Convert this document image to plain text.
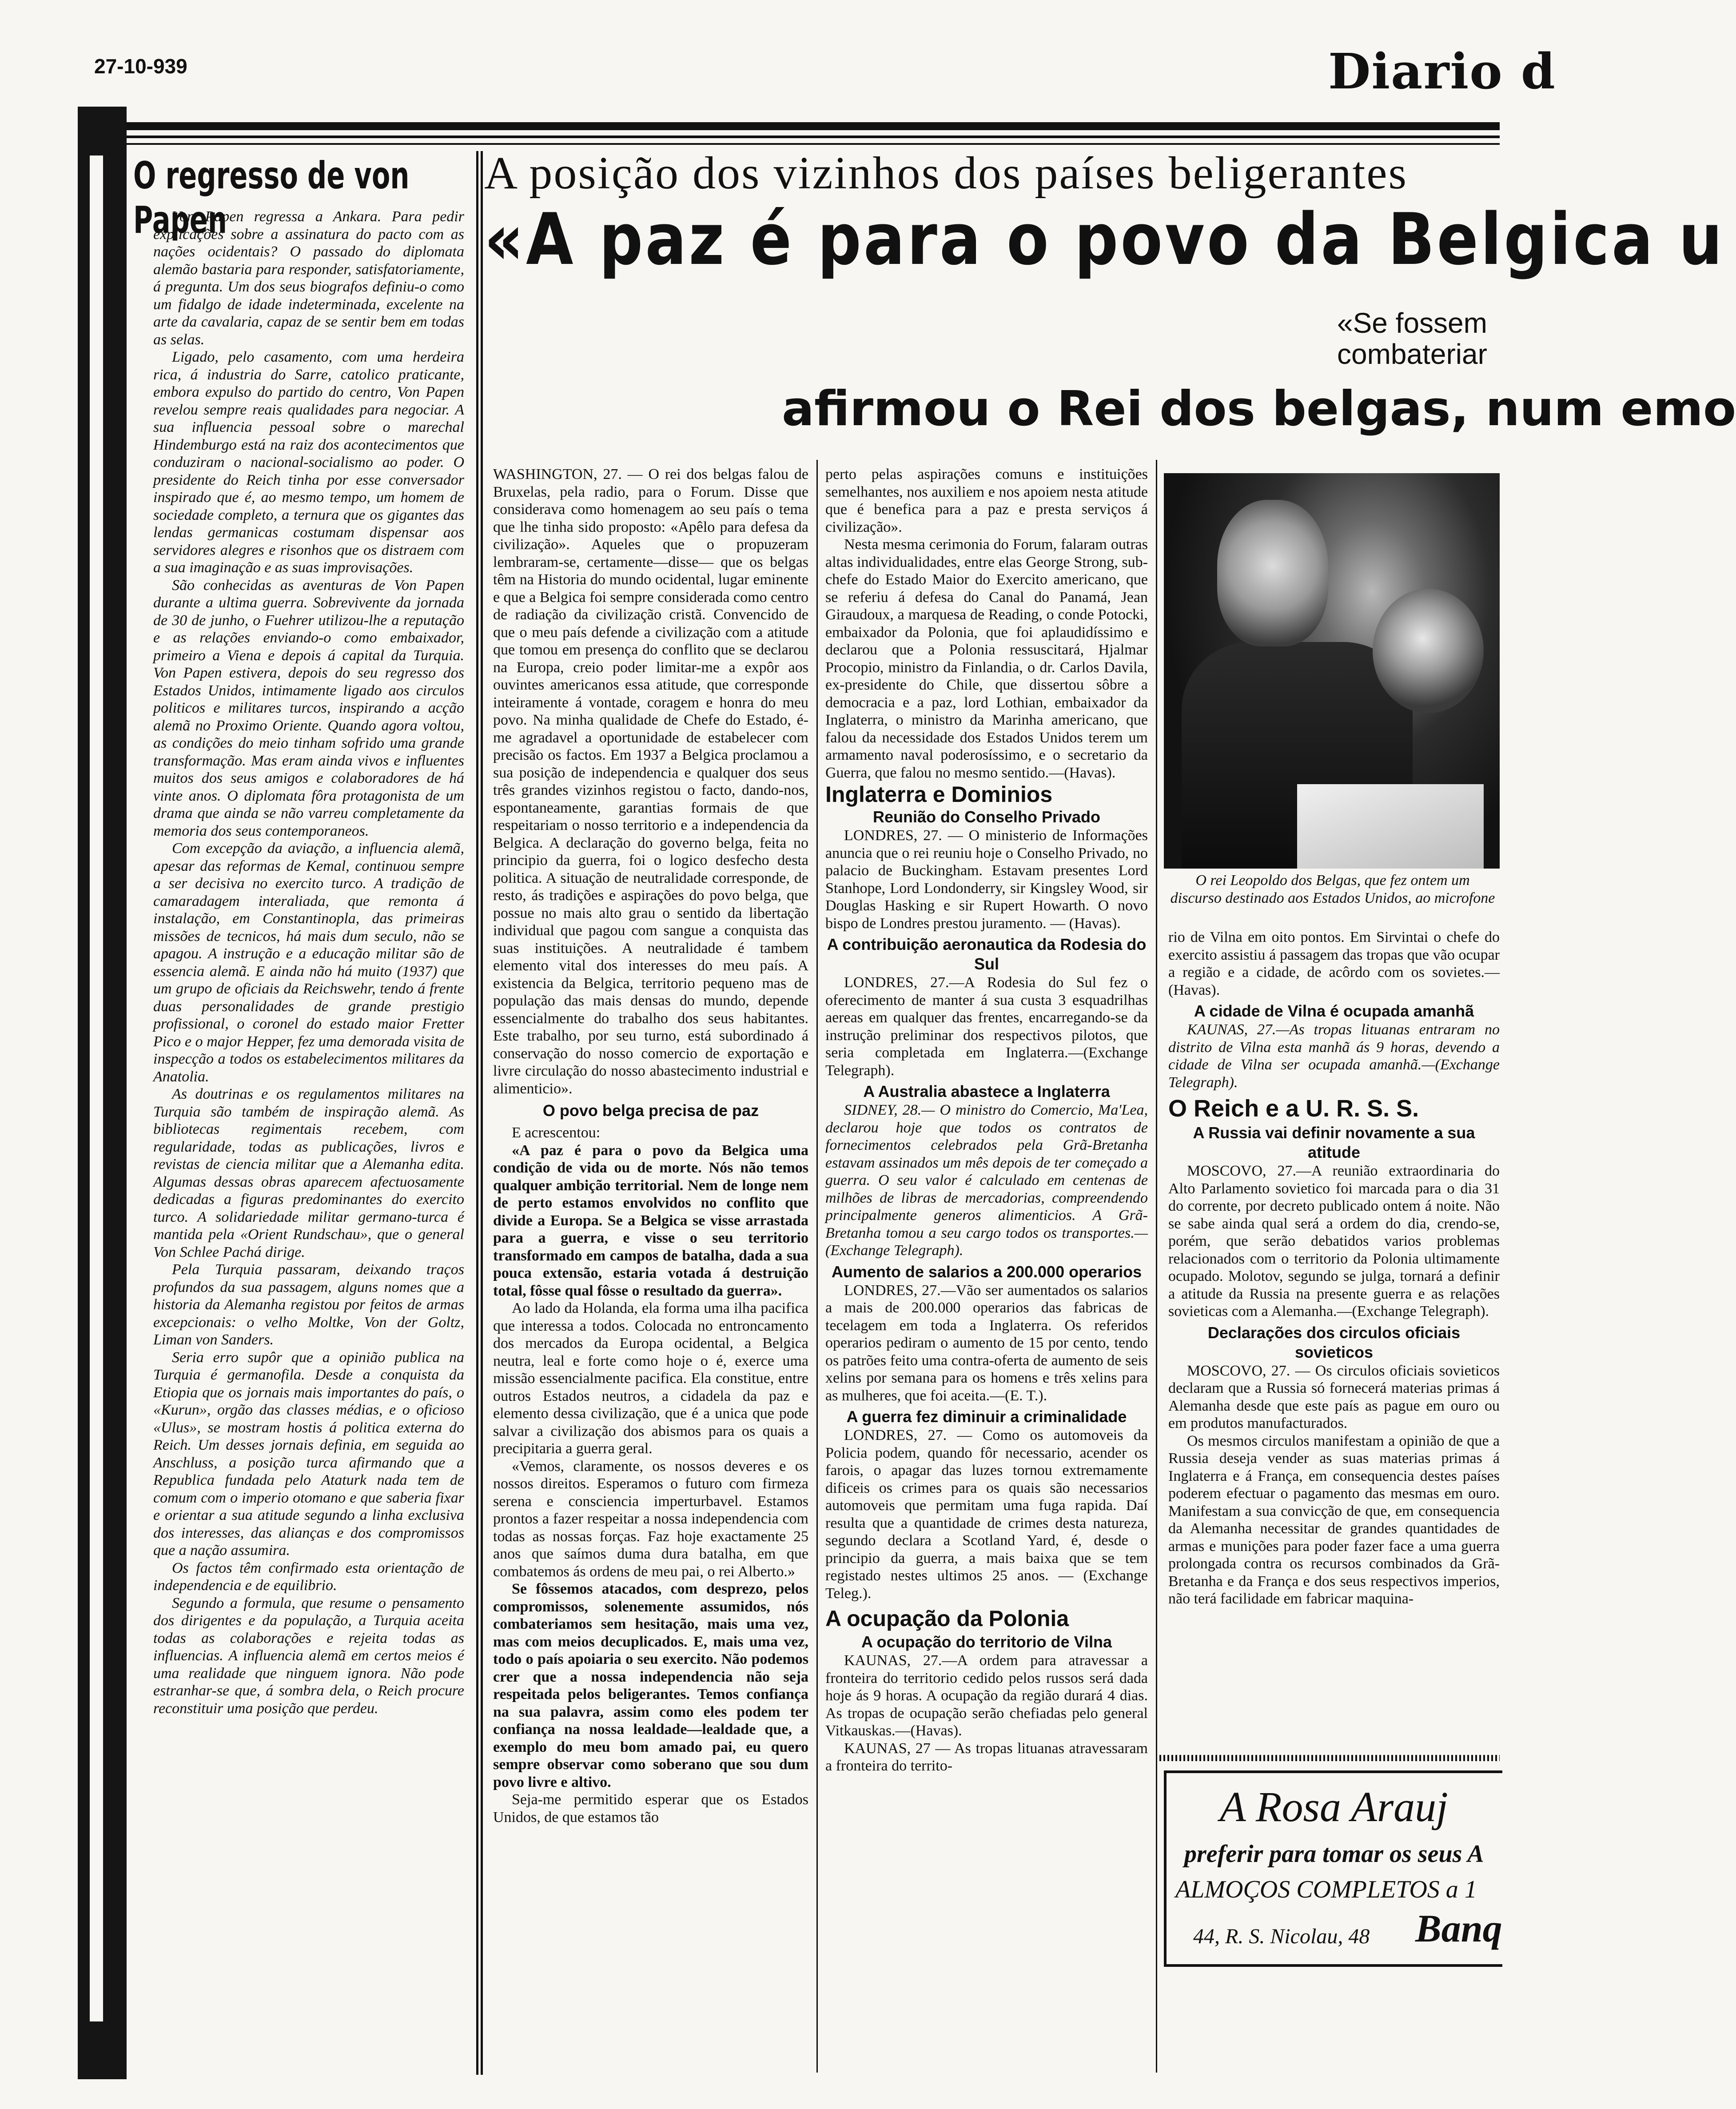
27-10-939	Diario d
O regresso de von Papen

Von Papen regressa a Ankara. Para pedir explicações sobre a assinatura do pacto com as nações ocidentais? O passado do diplomata alemão bastaria para responder, satisfatoriamente, á pregunta. Um dos seus biografos definiu-o como um fidalgo de idade indeterminada, excelente na arte da cavalaria, capaz de se sentir bem em todas as selas.

Ligado, pelo casamento, com uma herdeira rica, á industria do Sarre, catolico praticante, embora expulso do partido do centro, Von Papen revelou sempre reais qualidades para negociar. A sua influencia pessoal sobre o marechal Hindemburgo está na raiz dos acontecimentos que conduziram o nacional-socialismo ao poder. O presidente do Reich tinha por esse conversador inspirado que é, ao mesmo tempo, um homem de sociedade completo, a ternura que os gigantes das lendas germanicas costumam dispensar aos servidores alegres e risonhos que os distraem com a sua imaginação e as suas improvisações.

São conhecidas as aventuras de Von Papen durante a ultima guerra. Sobrevivente da jornada de 30 de junho, o Fuehrer utilizou-lhe a reputação e as relações enviando-o como embaixador, primeiro a Viena e depois á capital da Turquia. Von Papen estivera, depois do seu regresso dos Estados Unidos, intimamente ligado aos circulos politicos e militares turcos, inspirando a acção alemã no Proximo Oriente. Quando agora voltou, as condições do meio tinham sofrido uma grande transformação. Mas eram ainda vivos e influentes muitos dos seus amigos e colaboradores de há vinte anos. O diplomata fôra protagonista de um drama que ainda se não varreu completamente da memoria dos seus contemporaneos.

Com excepção da aviação, a influencia alemã, apesar das reformas de Kemal, continuou sempre a ser decisiva no exercito turco. A tradição de camaradagem interaliada, que remonta á instalação, em Constantinopla, das primeiras missões de tecnicos, há mais dum seculo, não se apagou. A instrução e a educação militar são de essencia alemã. E ainda não há muito (1937) que um grupo de oficiais da Reichswehr, tendo á frente duas personalidades de grande prestigio profissional, o coronel do estado maior Fretter Pico e o major Hepper, fez uma demorada visita de inspecção a todos os estabelecimentos militares da Anatolia.

As doutrinas e os regulamentos militares na Turquia são também de inspiração alemã. As bibliotecas regimentais recebem, com regularidade, todas as publicações, livros e revistas de ciencia militar que a Alemanha edita. Algumas dessas obras aparecem afectuosamente dedicadas a figuras predominantes do exercito turco. A solidariedade militar germano-turca é mantida pela «Orient Rundschau», que o general Von Schlee Pachá dirige.

Pela Turquia passaram, deixando traços profundos da sua passagem, alguns nomes que a historia da Alemanha registou por feitos de armas excepcionais: o velho Moltke, Von der Goltz, Liman von Sanders.

Seria erro supôr que a opinião publica na Turquia é germanofila. Desde a conquista da Etiopia que os jornais mais importantes do país, o «Kurun», orgão das classes médias, e o oficioso «Ulus», se mostram hostis á politica externa do Reich. Um desses jornais definia, em seguida ao Anschluss, a posição turca afirmando que a Republica fundada pelo Ataturk nada tem de comum com o imperio otomano e que saberia fixar e orientar a sua atitude segundo a linha exclusiva dos interesses, das alianças e dos compromissos que a nação assumira.

Os factos têm confirmado esta orientação de independencia e de equilibrio.

Segundo a formula, que resume o pensamento dos dirigentes e da população, a Turquia aceita todas as colaborações e rejeita todas as influencias. A influencia alemã em certos meios é uma realidade que ninguem ignora. Não pode estranhar-se que, á sombra dela, o Reich procure reconstituir uma posição que perdeu.

A posição dos vizinhos dos países beligerantes
«A paz é para o povo da Belgica u
«Se fossem
combateriar
afirmou o Rei dos belgas, num emo

WASHINGTON, 27. — O rei dos belgas falou de Bruxelas, pela radio, para o Forum. Disse que considerava como homenagem ao seu país o tema que lhe tinha sido proposto: «Apêlo para defesa da civilização». Aqueles que o propuzeram lembraram-se, certamente—disse— que os belgas têm na Historia do mundo ocidental, lugar eminente e que a Belgica foi sempre considerada como centro de radiação da civilização cristã. Convencido de que o meu país defende a civilização com a atitude que tomou em presença do conflito que se declarou na Europa, creio poder limitar-me a expôr aos ouvintes americanos essa atitude, que corresponde inteiramente á vontade, coragem e honra do meu povo. Na minha qualidade de Chefe do Estado, é-me agradavel a oportunidade de estabelecer com precisão os factos. Em 1937 a Belgica proclamou a sua posição de independencia e qualquer dos seus três grandes vizinhos registou o facto, dando-nos, espontaneamente, garantias formais de que respeitariam o nosso territorio e a independencia da Belgica. A declaração do governo belga, feita no principio da guerra, foi o logico desfecho desta politica. A situação de neutralidade corresponde, de resto, ás tradições e aspirações do povo belga, que possue no mais alto grau o sentido da libertação individual que pagou com sangue a conquista das suas instituições. A neutralidade é tambem elemento vital dos interesses do meu país. A existencia da Belgica, territorio pequeno mas de população das mais densas do mundo, depende essencialmente do trabalho dos seus habitantes. Este trabalho, por seu turno, está subordinado á conservação do nosso comercio de exportação e livre circulação do nosso abastecimento industrial e alimenticio».

O povo belga precisa de paz

E acrescentou:

«A paz é para o povo da Belgica uma condição de vida ou de morte. Nós não temos qualquer ambição territorial. Nem de longe nem de perto estamos envolvidos no conflito que divide a Europa. Se a Belgica se visse arrastada para a guerra, e visse o seu territorio transformado em campos de batalha, dada a sua pouca extensão, estaria votada á destruição total, fôsse qual fôsse o resultado da guerra».

Ao lado da Holanda, ela forma uma ilha pacifica que interessa a todos. Colocada no entroncamento dos mercados da Europa ocidental, a Belgica neutra, leal e forte como hoje o é, exerce uma missão essencialmente pacifica. Ela constitue, entre outros Estados neutros, a cidadela da paz e elemento dessa civilização, que é a unica que pode salvar a civilização dos abismos para os quais a precipitaria a guerra geral.

«Vemos, claramente, os nossos deveres e os nossos direitos. Esperamos o futuro com firmeza serena e consciencia imperturbavel. Estamos prontos a fazer respeitar a nossa independencia com todas as nossas forças. Faz hoje exactamente 25 anos que saímos duma dura batalha, em que combatemos ás ordens de meu pai, o rei Alberto.»

Se fôssemos atacados, com desprezo, pelos compromissos, solenemente assumidos, nós combateriamos sem hesitação, mais uma vez, mas com meios decuplicados. E, mais uma vez, todo o país apoiaria o seu exercito. Não podemos crer que a nossa independencia não seja respeitada pelos beligerantes. Temos confiança na sua palavra, assim como eles podem ter confiança na nossa lealdade—lealdade que, a exemplo do meu bom amado pai, eu quero sempre observar como soberano que sou dum povo livre e altivo.

Seja-me permitido esperar que os Estados Unidos, de que estamos tão

perto pelas aspirações comuns e instituições semelhantes, nos auxiliem e nos apoiem nesta atitude que é benefica para a paz e presta serviços á civilização».

Nesta mesma cerimonia do Forum, falaram outras altas individualidades, entre elas George Strong, sub-chefe do Estado Maior do Exercito americano, que se referiu á defesa do Canal do Panamá, Jean Giraudoux, a marquesa de Reading, o conde Potocki, embaixador da Polonia, que foi aplaudidíssimo e declarou que a Polonia ressuscitará, Hjalmar Procopio, ministro da Finlandia, o dr. Carlos Davila, ex-presidente do Chile, que dissertou sôbre a democracia e a paz, lord Lothian, embaixador da Inglaterra, o ministro da Marinha americano, que falou da necessidade dos Estados Unidos terem um armamento naval poderosíssimo, e o secretario da Guerra, que falou no mesmo sentido.—(Havas).

Inglaterra e Dominios
Reunião do Conselho Privado

LONDRES, 27. — O ministerio de Informações anuncia que o rei reuniu hoje o Conselho Privado, no palacio de Buckingham. Estavam presentes Lord Stanhope, Lord Londonderry, sir Kingsley Wood, sir Douglas Hasking e sir Rupert Howarth. O novo bispo de Londres prestou juramento. — (Havas).

A contribuição aeronautica da Rodesia do Sul

LONDRES, 27.—A Rodesia do Sul fez o oferecimento de manter á sua custa 3 esquadrilhas aereas em qualquer das frentes, encarregando-se da instrução preliminar dos respectivos pilotos, que seria completada em Inglaterra.—(Exchange Telegraph).

A Australia abastece a Inglaterra

SIDNEY, 28.— O ministro do Comercio, Ma'Lea, declarou hoje que todos os contratos de fornecimentos celebrados pela Grã-Bretanha estavam assinados um mês depois de ter começado a guerra. O seu valor é calculado em centenas de milhões de libras de mercadorias, compreendendo principalmente generos alimenticios. A Grã-Bretanha tomou a seu cargo todos os transportes.—(Exchange Telegraph).

Aumento de salarios a 200.000 operarios

LONDRES, 27.—Vão ser aumentados os salarios a mais de 200.000 operarios das fabricas de tecelagem em toda a Inglaterra. Os referidos operarios pediram o aumento de 15 por cento, tendo os patrões feito uma contra-oferta de aumento de seis xelins por semana para os homens e três xelins para as mulheres, que foi aceita.—(E. T.).

A guerra fez diminuir a criminalidade

LONDRES, 27. — Como os automoveis da Policia podem, quando fôr necessario, acender os farois, o apagar das luzes tornou extremamente dificeis os crimes para os quais são necessarios automoveis que permitam uma fuga rapida. Daí resulta que a quantidade de crimes desta natureza, segundo declara a Scotland Yard, é, desde o principio da guerra, a mais baixa que se tem registado nestes ultimos 25 anos. — (Exchange Teleg.).

A ocupação da Polonia
A ocupação do territorio de Vilna

KAUNAS, 27.—A ordem para atravessar a fronteira do territorio cedido pelos russos será dada hoje ás 9 horas. A ocupação da região durará 4 dias. As tropas de ocupação serão chefiadas pelo general Vitkauskas.—(Havas).

KAUNAS, 27 — As tropas lituanas atravessaram a fronteira do territo-

O rei Leopoldo dos Belgas, que fez ontem um discurso destinado aos Estados Unidos, ao microfone

rio de Vilna em oito pontos. Em Sirvintai o chefe do exercito assistiu á passagem das tropas que vão ocupar a região e a cidade, de acôrdo com os sovietes.—(Havas).

A cidade de Vilna é ocupada amanhã

KAUNAS, 27.—As tropas lituanas entraram no distrito de Vilna esta manhã ás 9 horas, devendo a cidade de Vilna ser ocupada amanhã.—(Exchange Telegraph).

O Reich e a U. R. S. S.
A Russia vai definir novamente a sua atitude

MOSCOVO, 27.—A reunião extraordinaria do Alto Parlamento sovietico foi marcada para o dia 31 do corrente, por decreto publicado ontem á noite. Não se sabe ainda qual será a ordem do dia, crendo-se, porém, que serão debatidos varios problemas relacionados com o territorio da Polonia ultimamente ocupado. Molotov, segundo se julga, tornará a definir a atitude da Russia na presente guerra e as relações sovieticas com a Alemanha.—(Exchange Telegraph).

Declarações dos circulos oficiais sovieticos

MOSCOVO, 27. — Os circulos oficiais sovieticos declaram que a Russia só fornecerá materias primas á Alemanha desde que este país as pague em ouro ou em produtos manufacturados.

Os mesmos circulos manifestam a opinião de que a Russia deseja vender as suas materias primas á Inglaterra e á França, em consequencia destes países poderem efectuar o pagamento das mesmas em ouro. Manifestam a sua convicção de que, em consequencia da Alemanha necessitar de grandes quantidades de armas e munições para poder fazer face a uma guerra prolongada contra os recursos combinados da Grã-Bretanha e da França e dos seus respectivos imperios, não terá facilidade em fabricar maquina-

A Rosa Arauj
preferir para tomar os seus A
ALMOÇOS COMPLETOS a 1
44, R. S. Nicolau, 48 Banq
